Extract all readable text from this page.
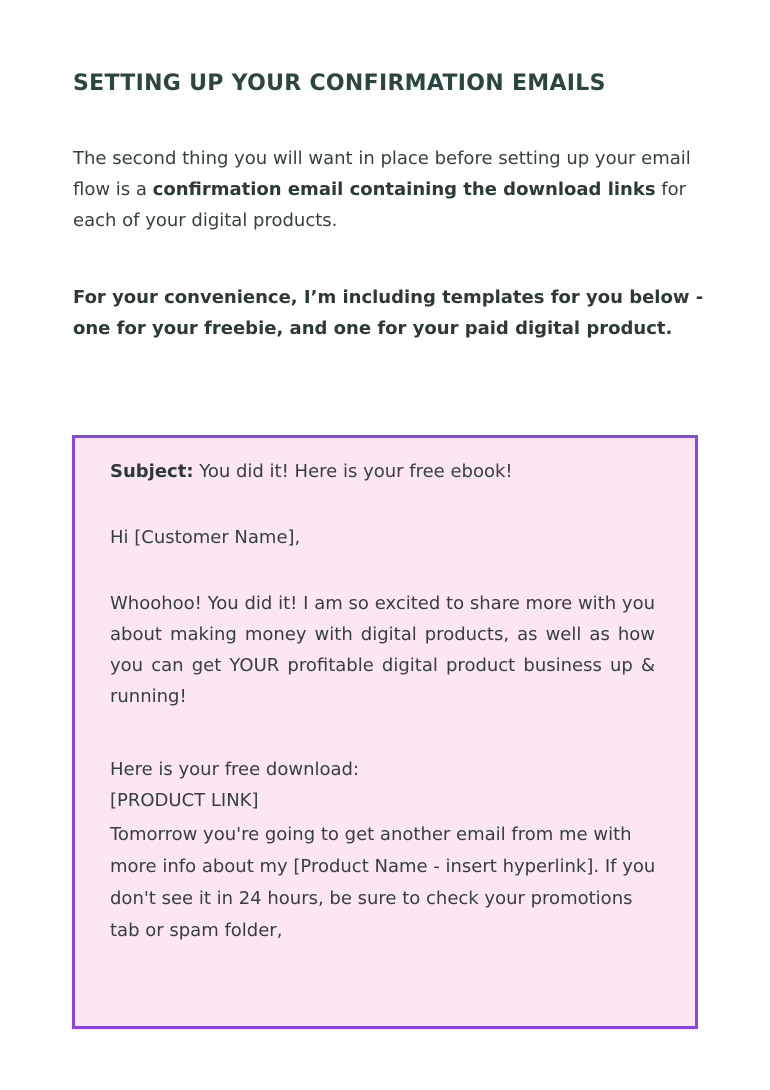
SETTING UP YOUR CONFIRMATION EMAILS

The second thing you will want in place before setting up your email flow is a confirmation email containing the download links for each of your digital products.

For your convenience, I’m including templates for you below - one for your freebie, and one for your paid digital product.

Subject: You did it! Here is your free ebook!

Hi [Customer Name],

Whoohoo! You did it! I am so excited to share more with you about making money with digital products, as well as how you can get YOUR profitable digital product business up & running!

Here is your free download:

[PRODUCT LINK]

Tomorrow you're going to get another email from me with more info about my [Product Name - insert hyperlink]. If you don't see it in 24 hours, be sure to check your promotions tab or spam folder,
